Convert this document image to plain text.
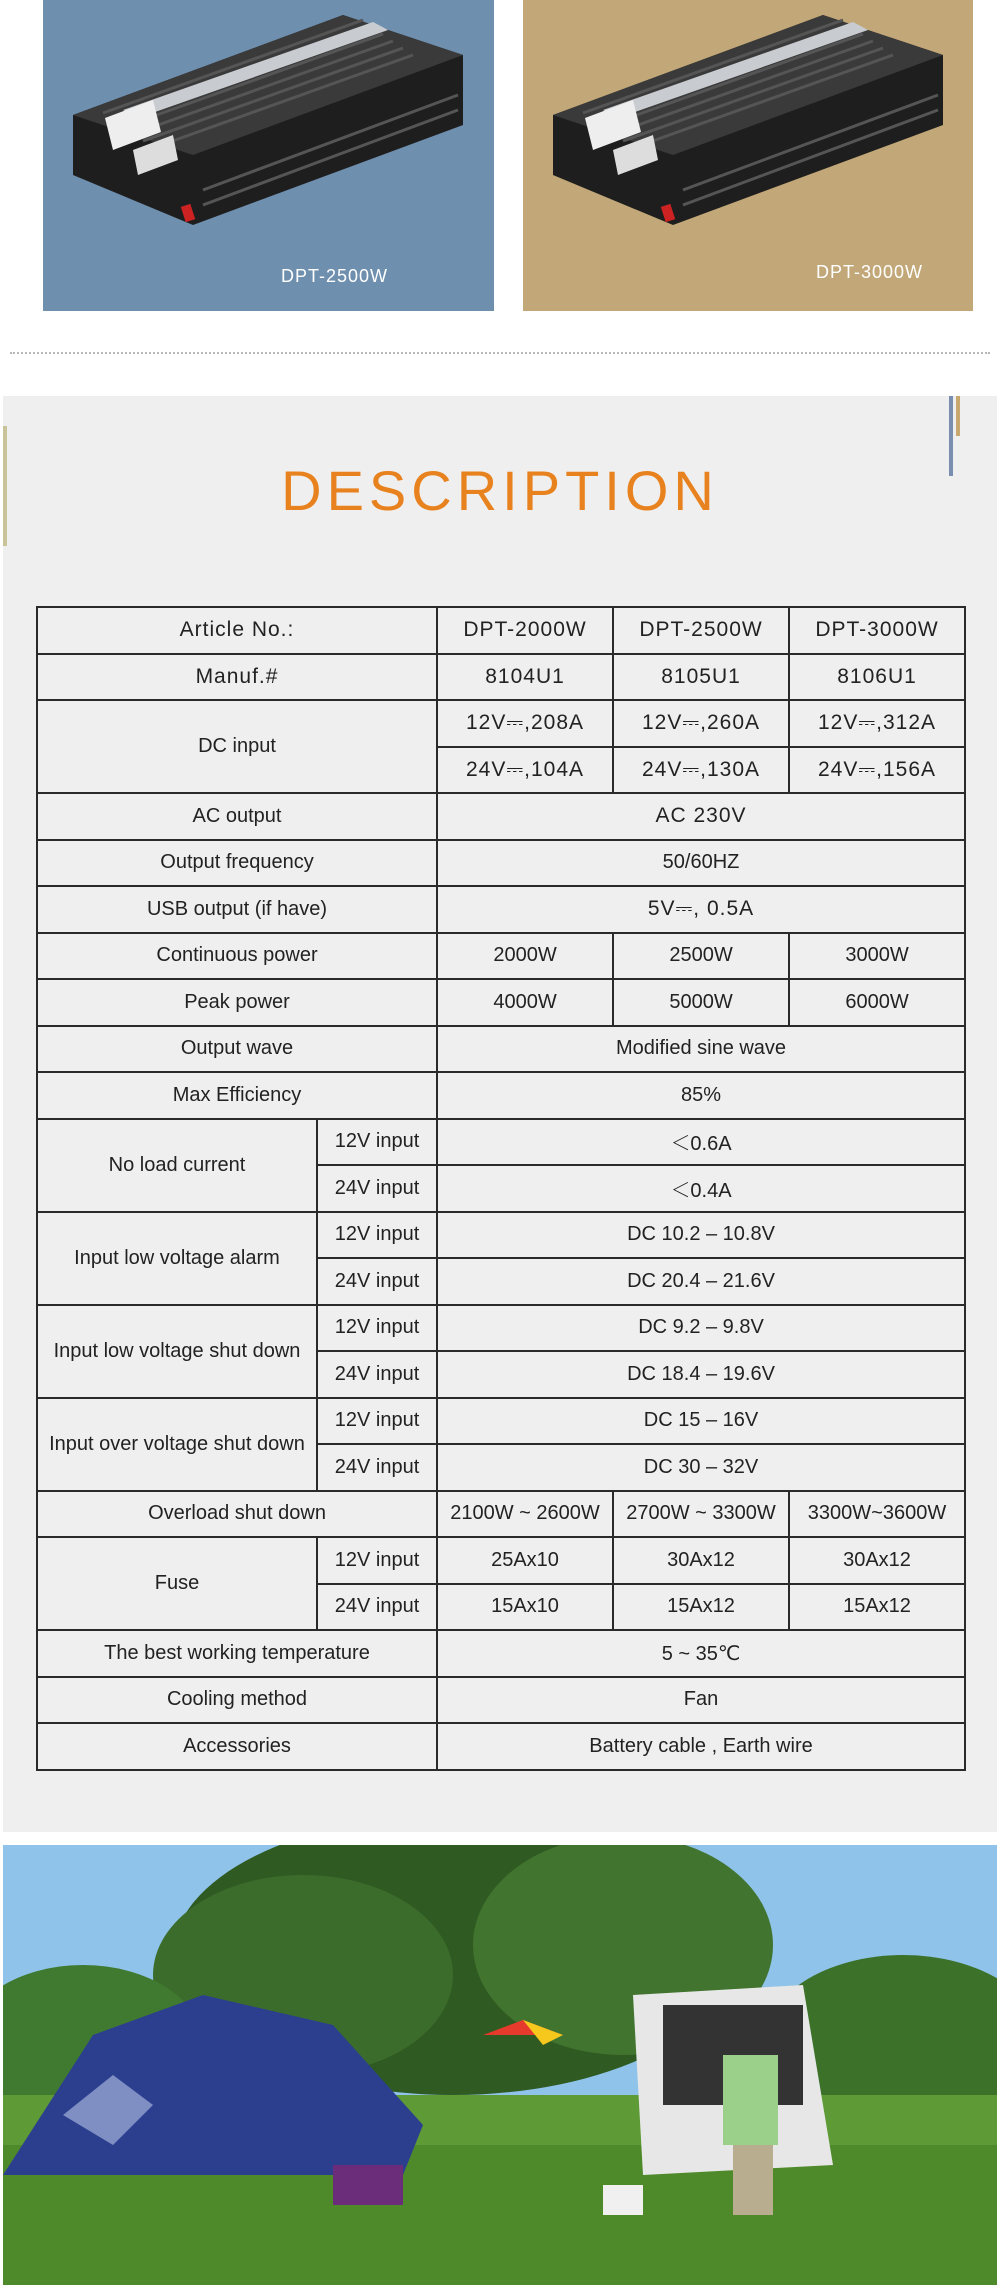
DPT-2500W	DPT-3000W
DESCRIPTION
Article No.:		DPT-2000W	DPT-2500W	DPT-3000W
Manuf.#		8104U1	8105U1	8106U1
DC input		12V⎓,208A	12V⎓,260A	12V⎓,312A
		24V⎓,104A	24V⎓,130A	24V⎓,156A
AC output		AC 230V		
Output frequency		50/60HZ		
USB output (if have)		5V⎓, 0.5A		
Continuous power		2000W	2500W	3000W
Peak power		4000W	5000W	6000W
Output wave		Modified sine wave		
Max Efficiency		85%		
No load current	12V input	＜0.6A		
	24V input	＜0.4A		
Input low voltage alarm	12V input	DC 10.2 – 10.8V		
	24V input	DC 20.4 – 21.6V		
Input low voltage shut down	12V input	DC 9.2 – 9.8V		
	24V input	DC 18.4 – 19.6V		
Input over voltage shut down	12V input	DC 15 – 16V		
	24V input	DC 30 – 32V		
Overload shut down		2100W ~ 2600W	2700W ~ 3300W	3300W~3600W
Fuse	12V input	25Ax10	30Ax12	30Ax12
	24V input	15Ax10	15Ax12	15Ax12
The best working temperature		5 ~ 35℃		
Cooling method		Fan		
Accessories		Battery cable , Earth wire		
